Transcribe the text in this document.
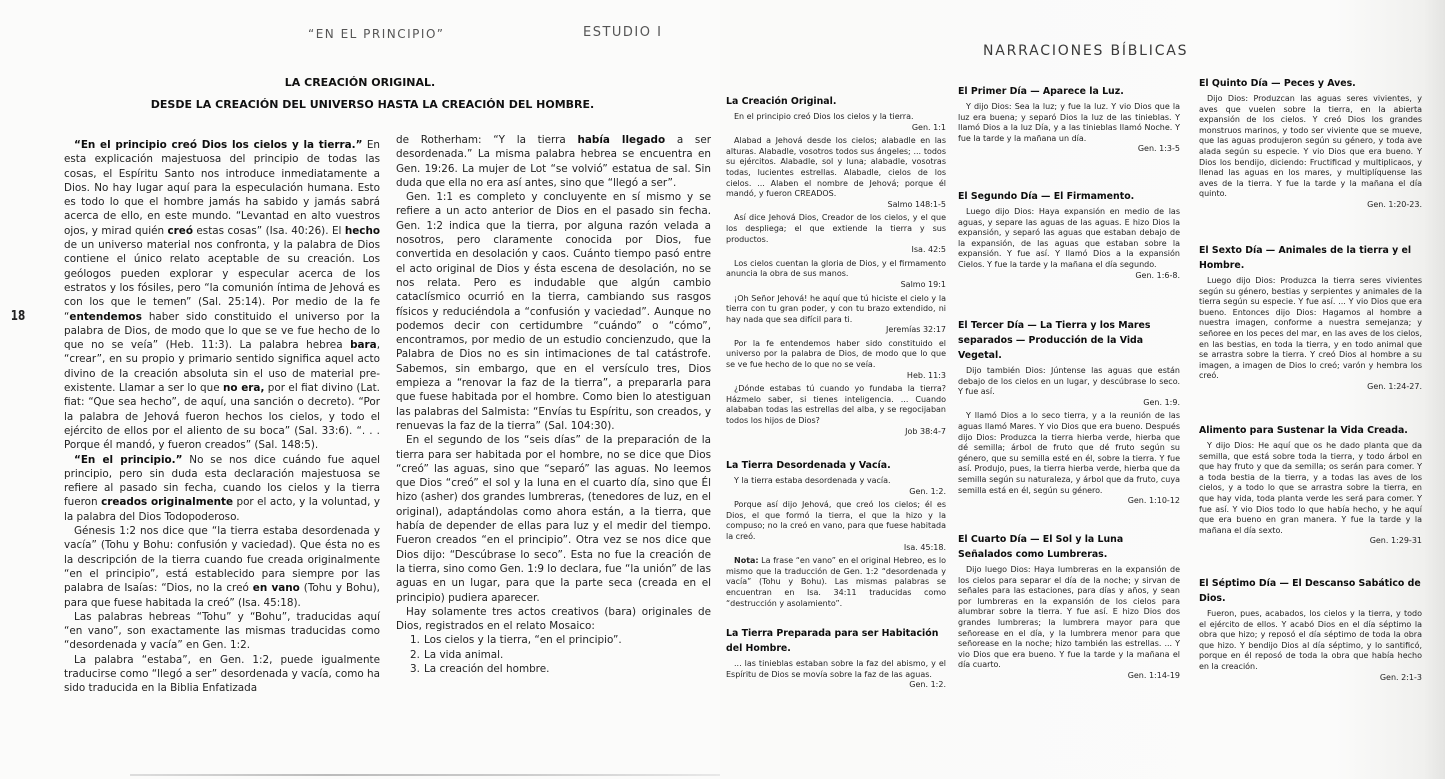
“EN EL PRINCIPIO”	ESTUDIO I
18
LA CREACIÓN ORIGINAL.
DESDE LA CREACIÓN DEL UNIVERSO HASTA LA CREACIÓN DEL HOMBRE.

“En el principio creó Dios los cielos y la tierra.” En esta explicación majestuosa del principio de todas las cosas, el Espíritu Santo nos introduce inmediatamente a Dios. No hay lugar aquí para la especulación humana. Esto es todo lo que el hombre jamás ha sabido y jamás sabrá acerca de ello, en este mundo. “Levantad en alto vuestros ojos, y mirad quién creó estas cosas” (Isa. 40:26). El hecho de un universo material nos confronta, y la palabra de Dios contiene el único relato aceptable de su creación. Los geólogos pueden explorar y especular acerca de los estratos y los fósiles, pero “la comunión íntima de Jehová es con los que le temen” (Sal. 25:14). Por medio de la fe “entendemos haber sido constituido el universo por la palabra de Dios, de modo que lo que se ve fue hecho de lo que no se veía” (Heb. 11:3). La palabra hebrea bara, “crear”, en su propio y primario sentido significa aquel acto divino de la creación absoluta sin el uso de material pre-existente. Llamar a ser lo que no era, por el fiat divino (Lat. fiat: “Que sea hecho”, de aquí, una sanción o decreto). “Por la palabra de Jehová fueron hechos los cielos, y todo el ejército de ellos por el aliento de su boca” (Sal. 33:6). “. . . Porque él mandó, y fueron creados” (Sal. 148:5).

“En el principio.” No se nos dice cuándo fue aquel principio, pero sin duda esta declaración majestuosa se refiere al pasado sin fecha, cuando los cielos y la tierra fueron creados originalmente por el acto, y la voluntad, y la palabra del Dios Todopoderoso.

Génesis 1:2 nos dice que “la tierra estaba desordenada y vacía” (Tohu y Bohu: confusión y vaciedad). Que ésta no es la descripción de la tierra cuando fue creada originalmente “en el principio”, está establecido para siempre por las palabra de Isaías: “Dios, no la creó en vano (Tohu y Bohu), para que fuese habitada la creó” (Isa. 45:18).

Las palabras hebreas “Tohu” y “Bohu”, traducidas aquí “en vano”, son exactamente las mismas traducidas como “desordenada y vacía” en Gen. 1:2.

La palabra “estaba”, en Gen. 1:2, puede igualmente traducirse como “llegó a ser” desordenada y vacía, como ha sido traducida en la Biblia Enfatizada

de Rotherham: “Y la tierra había llegado a ser desordenada.” La misma palabra hebrea se encuentra en Gen. 19:26. La mujer de Lot “se volvió” estatua de sal. Sin duda que ella no era así antes, sino que “llegó a ser”.

Gen. 1:1 es completo y concluyente en sí mismo y se refiere a un acto anterior de Dios en el pasado sin fecha. Gen. 1:2 indica que la tierra, por alguna razón velada a nosotros, pero claramente conocida por Dios, fue convertida en desolación y caos. Cuánto tiempo pasó entre el acto original de Dios y ésta escena de desolación, no se nos relata. Pero es indudable que algún cambio cataclísmico ocurrió en la tierra, cambiando sus rasgos físicos y reduciéndola a “confusión y vaciedad”. Aunque no podemos decir con certidumbre “cuándo” o “cómo”, encontramos, por medio de un estudio concienzudo, que la Palabra de Dios no es sin intimaciones de tal catástrofe. Sabemos, sin embargo, que en el versículo tres, Dios empieza a “renovar la faz de la tierra”, a prepararla para que fuese habitada por el hombre. Como bien lo atestiguan las palabras del Salmista: “Envías tu Espíritu, son creados, y renuevas la faz de la tierra” (Sal. 104:30).

En el segundo de los “seis días” de la preparación de la tierra para ser habitada por el hombre, no se dice que Dios “creó” las aguas, sino que “separó” las aguas. No leemos que Dios “creó” el sol y la luna en el cuarto día, sino que Él hizo (asher) dos grandes lumbreras, (tenedores de luz, en el original), adaptándolas como ahora están, a la tierra, que había de depender de ellas para luz y el medir del tiempo. Fueron creados “en el principio”. Otra vez se nos dice que Dios dijo: “Descúbrase lo seco”. Esta no fue la creación de la tierra, sino como Gen. 1:9 lo declara, fue “la unión” de las aguas en un lugar, para que la parte seca (creada en el principio) pudiera aparecer.

Hay solamente tres actos creativos (bara) originales de Dios, registrados en el relato Mosaico:

1. Los cielos y la tierra, “en el principio”.
2. La vida animal.
3. La creación del hombre.
NARRACIONES BÍBLICAS
La Creación Original.

En el principio creó Dios los cielos y la tierra.
Gen. 1:1

Alabad a Jehová desde los cielos; alabadle en las alturas. Alabadle, vosotros todos sus ángeles; ... todos su ejércitos. Alabadle, sol y luna; alabadle, vosotras todas, lucientes estrellas. Alabadle, cielos de los cielos. ... Alaben el nombre de Jehová; porque él mandó, y fueron CREADOS.
Salmo 148:1-5

Así dice Jehová Dios, Creador de los cielos, y el que los despliega; el que extiende la tierra y sus productos.
Isa. 42:5

Los cielos cuentan la gloria de Dios, y el firmamento anuncia la obra de sus manos.
Salmo 19:1

¡Oh Señor Jehová! he aquí que tú hiciste el cielo y la tierra con tu gran poder, y con tu brazo extendido, ni hay nada que sea difícil para ti.
Jeremías 32:17

Por la fe entendemos haber sido constituido el universo por la palabra de Dios, de modo que lo que se ve fue hecho de lo que no se veía.
Heb. 11:3

¿Dónde estabas tú cuando yo fundaba la tierra? Házmelo saber, si tienes inteligencia. ... Cuando alababan todas las estrellas del alba, y se regocijaban todos los hijos de Dios?
Job 38:4-7

La Tierra Desordenada y Vacía.

Y la tierra estaba desordenada y vacía.
Gen. 1:2.

Porque así dijo Jehová, que creó los cielos; él es Dios, el que formó la tierra, el que la hizo y la compuso; no la creó en vano, para que fuese habitada la creó.
Isa. 45:18.

Nota: La frase “en vano” en el original Hebreo, es lo mismo que la traducción de Gen. 1:2 “desordenada y vacía” (Tohu y Bohu). Las mismas palabras se encuentran en Isa. 34:11 traducidas como “destrucción y asolamiento”.

La Tierra Preparada para ser Habitación del Hombre.

... las tinieblas estaban sobre la faz del abismo, y el Espíritu de Dios se movía sobre la faz de las aguas.
Gen. 1:2.

El Primer Día — Aparece la Luz.

Y dijo Dios: Sea la luz; y fue la luz. Y vio Dios que la luz era buena; y separó Dios la luz de las tinieblas. Y llamó Dios a la luz Día, y a las tinieblas llamó Noche. Y fue la tarde y la mañana un día.
Gen. 1:3-5

El Segundo Día — El Firmamento.

Luego dijo Dios: Haya expansión en medio de las aguas, y separe las aguas de las aguas. E hizo Dios la expansión, y separó las aguas que estaban debajo de la expansión, de las aguas que estaban sobre la expansión. Y fue así. Y llamó Dios a la expansión Cielos. Y fue la tarde y la mañana el día segundo.
Gen. 1:6-8.

El Tercer Día — La Tierra y los Mares separados — Producción de la Vida Vegetal.

Dijo también Dios: Júntense las aguas que están debajo de los cielos en un lugar, y descúbrase lo seco. Y fue así.
Gen. 1:9.

Y llamó Dios a lo seco tierra, y a la reunión de las aguas llamó Mares. Y vio Dios que era bueno. Después dijo Dios: Produzca la tierra hierba verde, hierba que dé semilla; árbol de fruto que dé fruto según su género, que su semilla esté en él, sobre la tierra. Y fue así. Produjo, pues, la tierra hierba verde, hierba que da semilla según su naturaleza, y árbol que da fruto, cuya semilla está en él, según su género.
Gen. 1:10-12

El Cuarto Día — El Sol y la Luna Señalados como Lumbreras.

Dijo luego Dios: Haya lumbreras en la expansión de los cielos para separar el día de la noche; y sirvan de señales para las estaciones, para días y años, y sean por lumbreras en la expansión de los cielos para alumbrar sobre la tierra. Y fue así. E hizo Dios dos grandes lumbreras; la lumbrera mayor para que señorease en el día, y la lumbrera menor para que señorease en la noche; hizo también las estrellas. ... Y vio Dios que era bueno. Y fue la tarde y la mañana el día cuarto.
Gen. 1:14-19

El Quinto Día — Peces y Aves.

Dijo Dios: Produzcan las aguas seres vivientes, y aves que vuelen sobre la tierra, en la abierta expansión de los cielos. Y creó Dios los grandes monstruos marinos, y todo ser viviente que se mueve, que las aguas produjeron según su género, y toda ave alada según su especie. Y vio Dios que era bueno. Y Dios los bendijo, diciendo: Fructificad y multiplicaos, y llenad las aguas en los mares, y multiplíquense las aves de la tierra. Y fue la tarde y la mañana el día quinto.
Gen. 1:20-23.

El Sexto Día — Animales de la tierra y el Hombre.

Luego dijo Dios: Produzca la tierra seres vivientes según su género, bestias y serpientes y animales de la tierra según su especie. Y fue así. ... Y vio Dios que era bueno. Entonces dijo Dios: Hagamos al hombre a nuestra imagen, conforme a nuestra semejanza; y señoree en los peces del mar, en las aves de los cielos, en las bestias, en toda la tierra, y en todo animal que se arrastra sobre la tierra. Y creó Dios al hombre a su imagen, a imagen de Dios lo creó; varón y hembra los creó.
Gen. 1:24-27.

Alimento para Sustenar la Vida Creada.

Y dijo Dios: He aquí que os he dado planta que da semilla, que está sobre toda la tierra, y todo árbol en que hay fruto y que da semilla; os serán para comer. Y a toda bestia de la tierra, y a todas las aves de los cielos, y a todo lo que se arrastra sobre la tierra, en que hay vida, toda planta verde les será para comer. Y fue así. Y vio Dios todo lo que había hecho, y he aquí que era bueno en gran manera. Y fue la tarde y la mañana el día sexto.
Gen. 1:29-31

El Séptimo Día — El Descanso Sabático de Dios.

Fueron, pues, acabados, los cielos y la tierra, y todo el ejército de ellos. Y acabó Dios en el día séptimo la obra que hizo; y reposó el día séptimo de toda la obra que hizo. Y bendijo Dios al día séptimo, y lo santificó, porque en él reposó de toda la obra que había hecho en la creación.
Gen. 2:1-3
